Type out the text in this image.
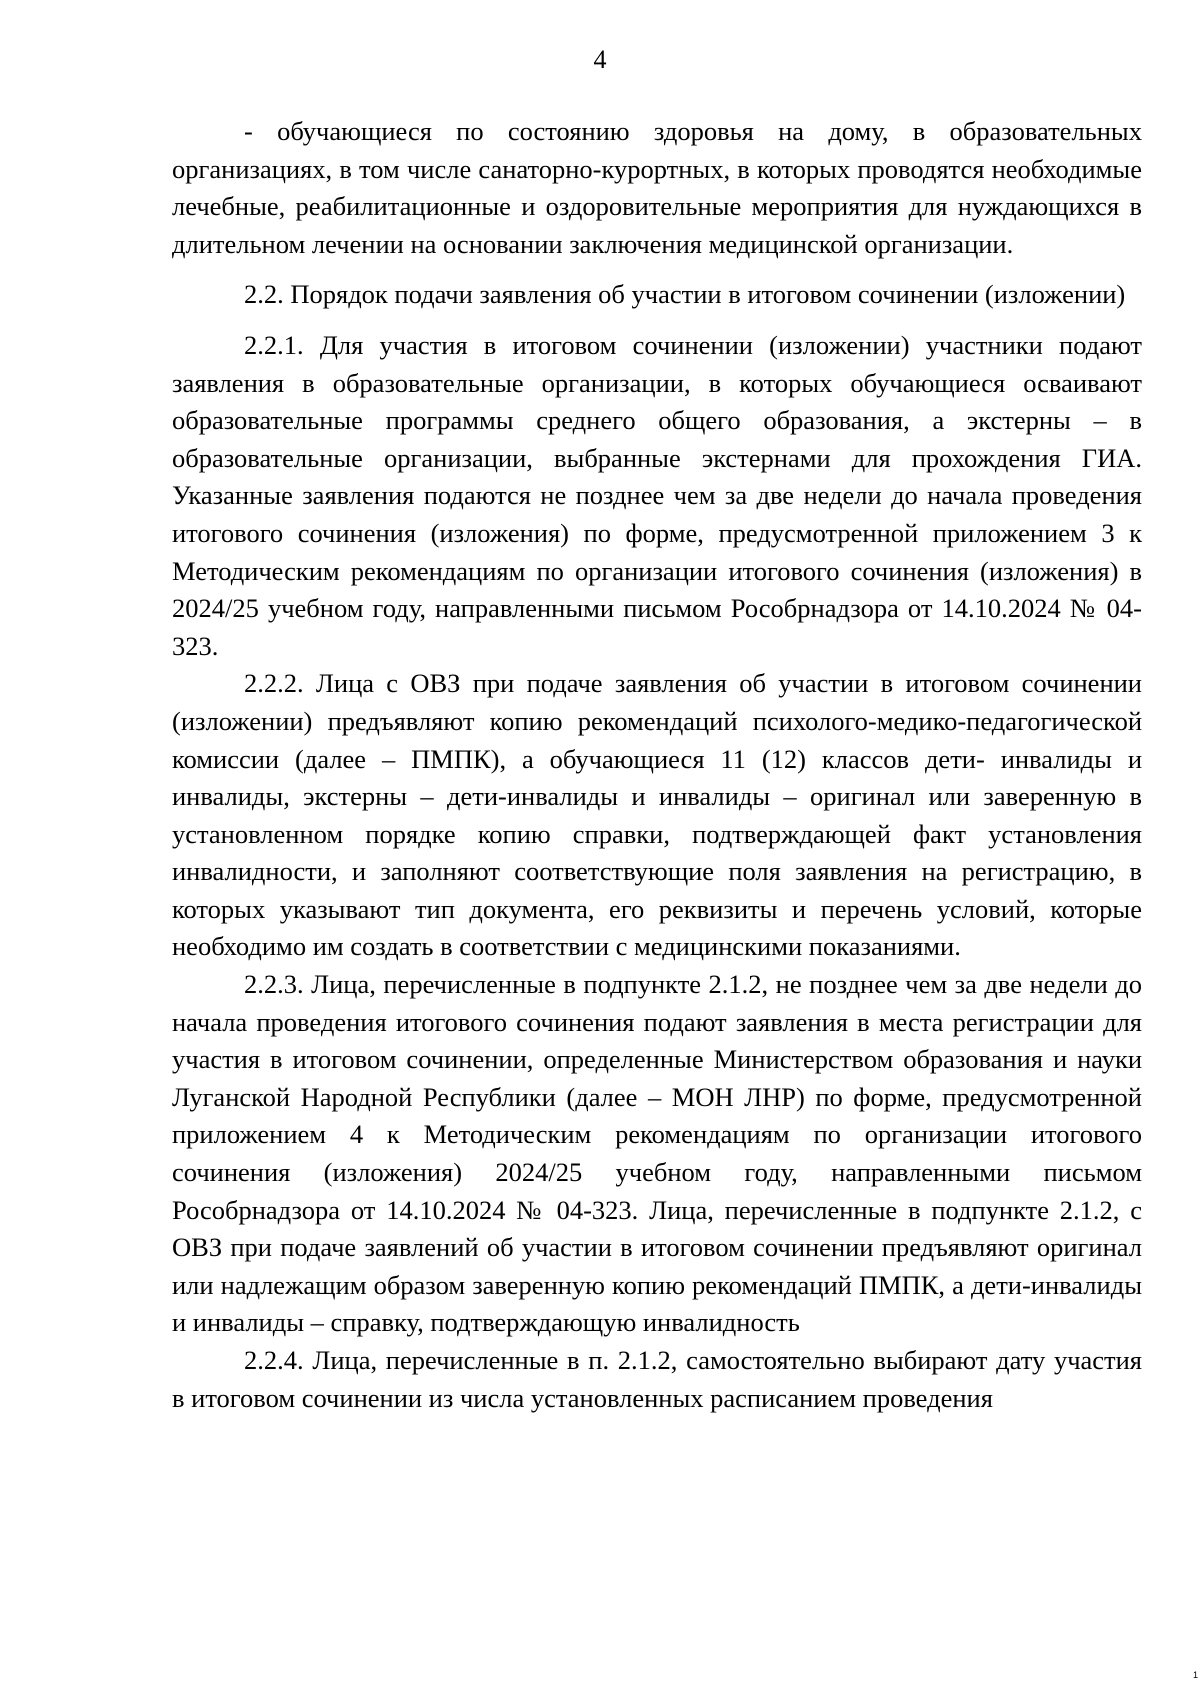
4

- обучающиеся по состоянию здоровья на дому, в образовательных организациях, в том числе санаторно-курортных, в которых проводятся необходимые лечебные, реабилитационные и оздоровительные мероприятия для нуждающихся в длительном лечении на основании заключения медицинской организации.

2.2. Порядок подачи заявления об участии в итоговом сочинении (изложении)

2.2.1. Для участия в итоговом сочинении (изложении) участники подают заявления в образовательные организации, в которых обучающиеся осваивают образовательные программы среднего общего образования, а экстерны – в образовательные организации, выбранные экстернами для прохождения ГИА. Указанные заявления подаются не позднее чем за две недели до начала проведения итогового сочинения (изложения) по форме, предусмотренной приложением 3 к Методическим рекомендациям по организации итогового сочинения (изложения) в 2024/25 учебном году, направленными письмом Рособрнадзора от 14.10.2024 № 04-323.

2.2.2. Лица с ОВЗ при подаче заявления об участии в итоговом сочинении (изложении) предъявляют копию рекомендаций психолого-медико-педагогической комиссии (далее – ПМПК), а обучающиеся 11 (12) классов дети- инвалиды и инвалиды, экстерны – дети-инвалиды и инвалиды – оригинал или заверенную в установленном порядке копию справки, подтверждающей факт установления инвалидности, и заполняют соответствующие поля заявления на регистрацию, в которых указывают тип документа, его реквизиты и перечень условий, которые необходимо им создать в соответствии с медицинскими показаниями.

2.2.3. Лица, перечисленные в подпункте 2.1.2, не позднее чем за две недели до начала проведения итогового сочинения подают заявления в места регистрации для участия в итоговом сочинении, определенные Министерством образования и науки Луганской Народной Республики (далее – МОН ЛНР) по форме, предусмотренной приложением 4 к Методическим рекомендациям по организации итогового сочинения (изложения) 2024/25 учебном году, направленными письмом Рособрнадзора от 14.10.2024 № 04-323. Лица, перечисленные в подпункте 2.1.2, с ОВЗ при подаче заявлений об участии в итоговом сочинении предъявляют оригинал или надлежащим образом заверенную копию рекомендаций ПМПК, а дети-инвалиды и инвалиды – справку, подтверждающую инвалидность

2.2.4. Лица, перечисленные в п. 2.1.2, самостоятельно выбирают дату участия в итоговом сочинении из числа установленных расписанием проведения

1
